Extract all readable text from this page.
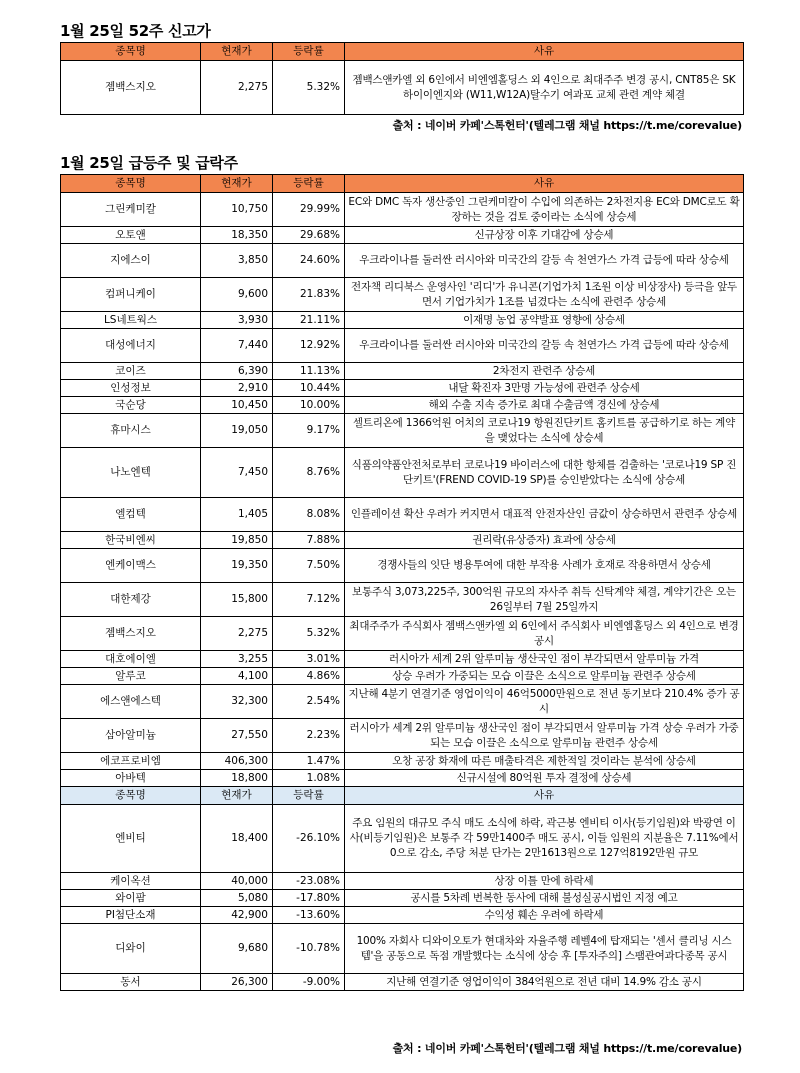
1월 25일 52주 신고가
종목명	현재가	등락률	사유
젬백스지오	2,275	5.32%	젬백스앤카엘 외 6인에서 비엔엠홀딩스 외 4인으로 최대주주 변경 공시, CNT85은 SK하이이엔지와 (W11,W12A)탈수기 여과포 교체 관련 계약 체결
출처 : 네이버 카페'스톡헌터'(텔레그램 채널 https://t.me/corevalue)
1월 25일 급등주 및 급락주
종목명	현재가	등락률	사유
그린케미칼	10,750	29.99%	EC와 DMC 독자 생산중인 그린케미칼이 수입에 의존하는 2차전지용 EC와 DMC로도 확장하는 것을 검토 중이라는 소식에 상승세
오토앤	18,350	29.68%	신규상장 이후 기대감에 상승세
지에스이	3,850	24.60%	우크라이나를 둘러싼 러시아와 미국간의 갈등 속 천연가스 가격 급등에 따라 상승세
컴퍼니케이	9,600	21.83%	전자책 리디북스 운영사인 '리디'가 유니콘(기업가치 1조원 이상 비상장사) 등극을 앞두면서 기업가치가 1조를 넘겼다는 소식에 관련주 상승세
LS네트웍스	3,930	21.11%	이재명 농업 공약발표 영향에 상승세
대성에너지	7,440	12.92%	우크라이나를 둘러싼 러시아와 미국간의 갈등 속 천연가스 가격 급등에 따라 상승세
코이즈	6,390	11.13%	2차전지 관련주 상승세
인성정보	2,910	10.44%	내달 확진자 3만명 가능성에 관련주 상승세
국순당	10,450	10.00%	해외 수출 지속 증가로 최대 수출금액 경신에 상승세
휴마시스	19,050	9.17%	셀트리온에 1366억원 어치의 코로나19 항원진단키트 홈키트를 공급하기로 하는 계약을 맺었다는 소식에 상승세
나노엔텍	7,450	8.76%	식품의약품안전처로부터 코로나19 바이러스에 대한 항체를 검출하는 '코로나19 SP 진단키트'(FREND COVID-19 SP)를 승인받았다는 소식에 상승세
엘컴텍	1,405	8.08%	인플레이션 확산 우려가 커지면서 대표적 안전자산인 금값이 상승하면서 관련주 상승세
한국비엔씨	19,850	7.88%	권리락(유상증자) 효과에 상승세
엔케이맥스	19,350	7.50%	경쟁사들의 잇단 병용투여에 대한 부작용 사례가 호재로 작용하면서 상승세
대한제강	15,800	7.12%	보통주식 3,073,225주, 300억원 규모의 자사주 취득 신탁계약 체결, 계약기간은 오는 26일부터 7월 25일까지
젬백스지오	2,275	5.32%	최대주주가 주식회사 젬백스앤카엘 외 6인에서 주식회사 비엔엠홀딩스 외 4인으로 변경 공시
대호에이엘	3,255	3.01%	러시아가 세계 2위 알루미늄 생산국인 점이 부각되면서 알루미늄 가격
알루코	4,100	4.86%	상승 우려가 가중되는 모습 이끌은 소식으로 알루미늄 관련주 상승세
에스앤에스텍	32,300	2.54%	지난해 4분기 연결기준 영업이익이 46억5000만원으로 전년 동기보다 210.4% 증가 공시
삼아알미늄	27,550	2.23%	러시아가 세계 2위 알루미늄 생산국인 점이 부각되면서 알루미늄 가격 상승 우려가 가중되는 모습 이끌은 소식으로 알루미늄 관련주 상승세
에코프로비엠	406,300	1.47%	오창 공장 화재에 따른 매출타격은 제한적일 것이라는 분석에 상승세
아바텍	18,800	1.08%	신규시설에 80억원 투자 결정에 상승세
종목명	현재가	등락률	사유
엔비티	18,400	-26.10%	주요 임원의 대규모 주식 매도 소식에 하락, 곽근봉 엔비티 이사(등기임원)와 박광연 이사(비등기임원)은 보통주 각 59만1400주 매도 공시, 이들 임원의 지분율은 7.11%에서 0으로 감소, 주당 처분 단가는 2만1613원으로 127억8192만원 규모
케이옥션	40,000	-23.08%	상장 이틀 만에 하락세
와이팜	5,080	-17.80%	공시를 5차례 번복한 동사에 대해 불성실공시법인 지정 예고
PI첨단소재	42,900	-13.60%	수익성 훼손 우려에 하락세
디와이	9,680	-10.78%	100% 자회사 디와이오토가 현대차와 자율주행 레벨4에 탑재되는 '센서 클리닝 시스템'을 공동으로 독점 개발했다는 소식에 상승 후 [투자주의] 스팸관여과다종목 공시
동서	26,300	-9.00%	지난해 연결기준 영업이익이 384억원으로 전년 대비 14.9% 감소 공시
출처 : 네이버 카페'스톡헌터'(텔레그램 채널 https://t.me/corevalue)
